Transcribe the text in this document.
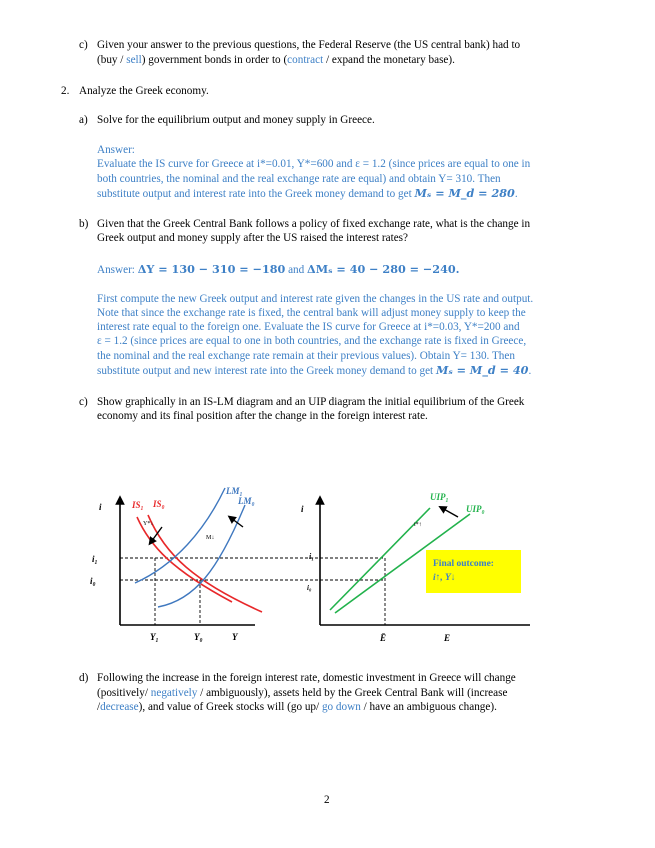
c) Given your answer to the previous questions, the Federal Reserve (the US central bank) had to
(buy / sell) government bonds in order to (contract / expand the monetary base).
2. Analyze the Greek economy.
a) Solve for the equilibrium output and money supply in Greece.
Answer:
Evaluate the IS curve for Greece at i*=0.01, Y*=600 and ε = 1.2 (since prices are equal to one in
both countries, the nominal and the real exchange rate are equal) and obtain Y= 310. Then
substitute output and interest rate into the Greek money demand to get Mₛ = M_d = 280.
b) Given that the Greek Central Bank follows a policy of fixed exchange rate, what is the change in
Greek output and money supply after the US raised the interest rates?
Answer: ΔY = 130 − 310 = −180 and ΔMₛ = 40 − 280 = −240.
First compute the new Greek output and interest rate given the changes in the US rate and output.
Note that since the exchange rate is fixed, the central bank will adjust money supply to keep the
interest rate equal to the foreign one. Evaluate the IS curve for Greece at i*=0.03, Y*=200 and
ε = 1.2 (since prices are equal to one in both countries, and the exchange rate is fixed in Greece,
the nominal and the real exchange rate remain at their previous values). Obtain Y= 130. Then
substitute output and new interest rate into the Greek money demand to get Mₛ = M_d = 40.
c) Show graphically in an IS-LM diagram and an UIP diagram the initial equilibrium of the Greek
economy and its final position after the change in the foreign interest rate.
i
Y
i₁
i₀
Y₁	Y₀
IS₁ IS₀
LM₁
LM₀
Y*↓
M↓
i
E
i₁
i₀
Ē
UIP₁
UIP₀
i*↑
Final outcome:
i↑, Y↓
d) Following the increase in the foreign interest rate, domestic investment in Greece will change
(positively/ negatively / ambiguously), assets held by the Greek Central Bank will (increase
/decrease), and value of Greek stocks will (go up/ go down / have an ambiguous change).
2
